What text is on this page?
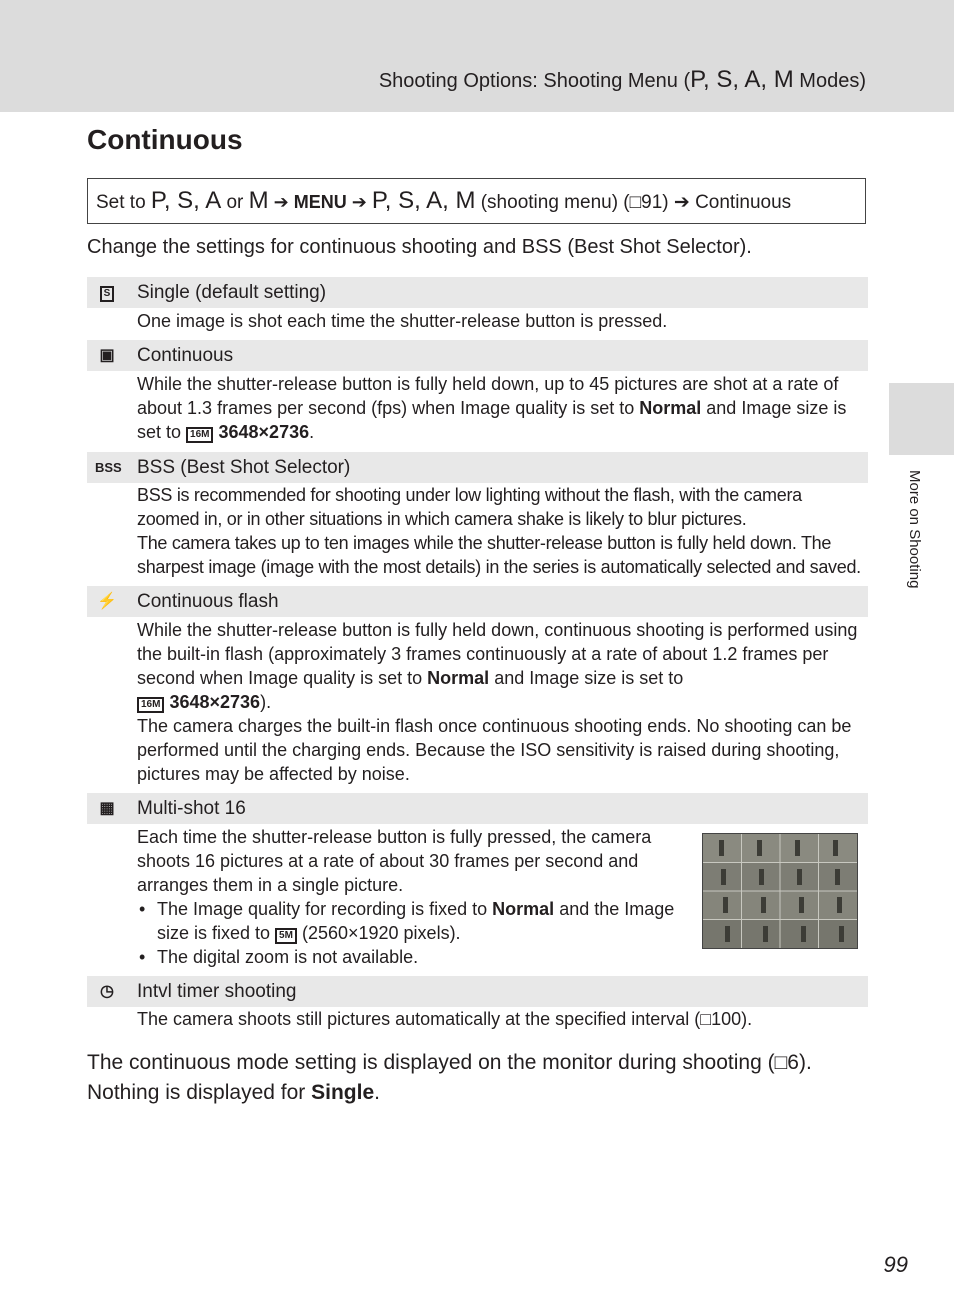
Shooting Options: Shooting Menu (P, S, A, M Modes)
Continuous
Set to P, S, A or M ➔ MENU ➔ P, S, A, M (shooting menu) (□91) ➔ Continuous
Change the settings for continuous shooting and BSS (Best Shot Selector).
S	Single (default setting)

One image is shot each time the shutter-release button is pressed.

▣ Continuous

While the shutter-release button is fully held down, up to 45 pictures are shot at a rate of about 1.3 frames per second (fps) when Image quality is set to Normal and Image size is set to 16M 3648×2736.

BSS BSS (Best Shot Selector)

BSS is recommended for shooting under low lighting without the flash, with the camera zoomed in, or in other situations in which camera shake is likely to blur pictures.

The camera takes up to ten images while the shutter-release button is fully held down. The sharpest image (image with the most details) in the series is automatically selected and saved.

⚡ Continuous flash

While the shutter-release button is fully held down, continuous shooting is performed using the built-in flash (approximately 3 frames continuously at a rate of about 1.2 frames per second when Image quality is set to Normal and Image size is set to
16M 3648×2736).

The camera charges the built-in flash once continuous shooting ends. No shooting can be performed until the charging ends. Because the ISO sensitivity is raised during shooting, pictures may be affected by noise.

▦ Multi-shot 16

Each time the shutter-release button is fully pressed, the camera shoots 16 pictures at a rate of about 30 frames per second and arranges them in a single picture.

• The Image quality for recording is fixed to Normal and the Image size is fixed to 5M (2560×1920 pixels).
• The digital zoom is not available.
◷ Intvl timer shooting

The camera shoots still pictures automatically at the specified interval (□100).

The continuous mode setting is displayed on the monitor during shooting (□6).

Nothing is displayed for Single.

More on Shooting
99
